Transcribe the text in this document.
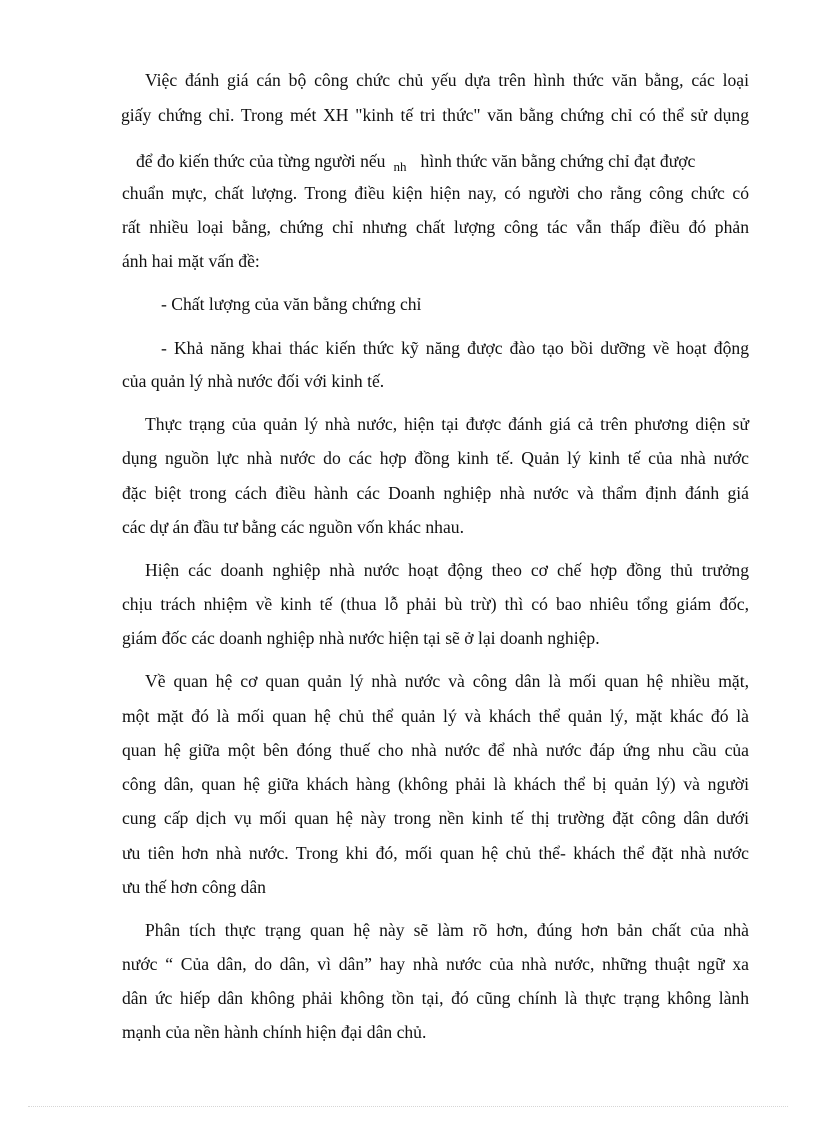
Việc đánh giá cán bộ công chức chủ yếu dựa trên hình thức văn bằng, các loại
giấy chứng chỉ. Trong mét XH "kinh tế tri thức" văn bằng chứng chỉ có thể sử dụng
để đo kiến thức của từng người nếu $_{nh}$ hình thức văn bằng chứng chỉ đạt được
chuẩn mực, chất lượng. Trong điều kiện hiện nay, có người cho rằng công chức có
rất nhiều loại bằng, chứng chỉ nhưng chất lượng công tác vẫn thấp điều đó phản
ánh hai mặt vấn đề:
- Chất lượng của văn bằng chứng chỉ
- Khả năng khai thác kiến thức kỹ năng được đào tạo bồi dưỡng về hoạt động
của quản lý nhà nước đối với kinh tế.
Thực trạng của quản lý nhà nước, hiện tại được đánh giá cả trên phương diện sử
dụng nguồn lực nhà nước do các hợp đồng kinh tế. Quản lý kinh tế của nhà nước
đặc biệt trong cách điều hành các Doanh nghiệp nhà nước và thẩm định đánh giá
các dự án đầu tư bằng các nguồn vốn khác nhau.
Hiện các doanh nghiệp nhà nước hoạt động theo cơ chế hợp đồng thủ trưởng
chịu trách nhiệm về kinh tế (thua lỗ phải bù trừ) thì có bao nhiêu tổng giám đốc,
giám đốc các doanh nghiệp nhà nước hiện tại sẽ ở lại doanh nghiệp.
Về quan hệ cơ quan quản lý nhà nước và công dân là mối quan hệ nhiều mặt,
một mặt đó là mối quan hệ chủ thể quản lý và khách thể quản lý, mặt khác đó là
quan hệ giữa một bên đóng thuế cho nhà nước để nhà nước đáp ứng nhu cầu của
công dân, quan hệ giữa khách hàng (không phải là khách thể bị quản lý) và người
cung cấp dịch vụ mối quan hệ này trong nền kinh tế thị trường đặt công dân dưới
ưu tiên hơn nhà nước. Trong khi đó, mối quan hệ chủ thể- khách thể đặt nhà nước
ưu thế hơn công dân
Phân tích thực trạng quan hệ này sẽ làm rõ hơn, đúng hơn bản chất của nhà
nước “ Của dân, do dân, vì dân” hay nhà nước của nhà nước, những thuật ngữ xa
dân ức hiếp dân không phải không tồn tại, đó cũng chính là thực trạng không lành
mạnh của nền hành chính hiện đại dân chủ.
